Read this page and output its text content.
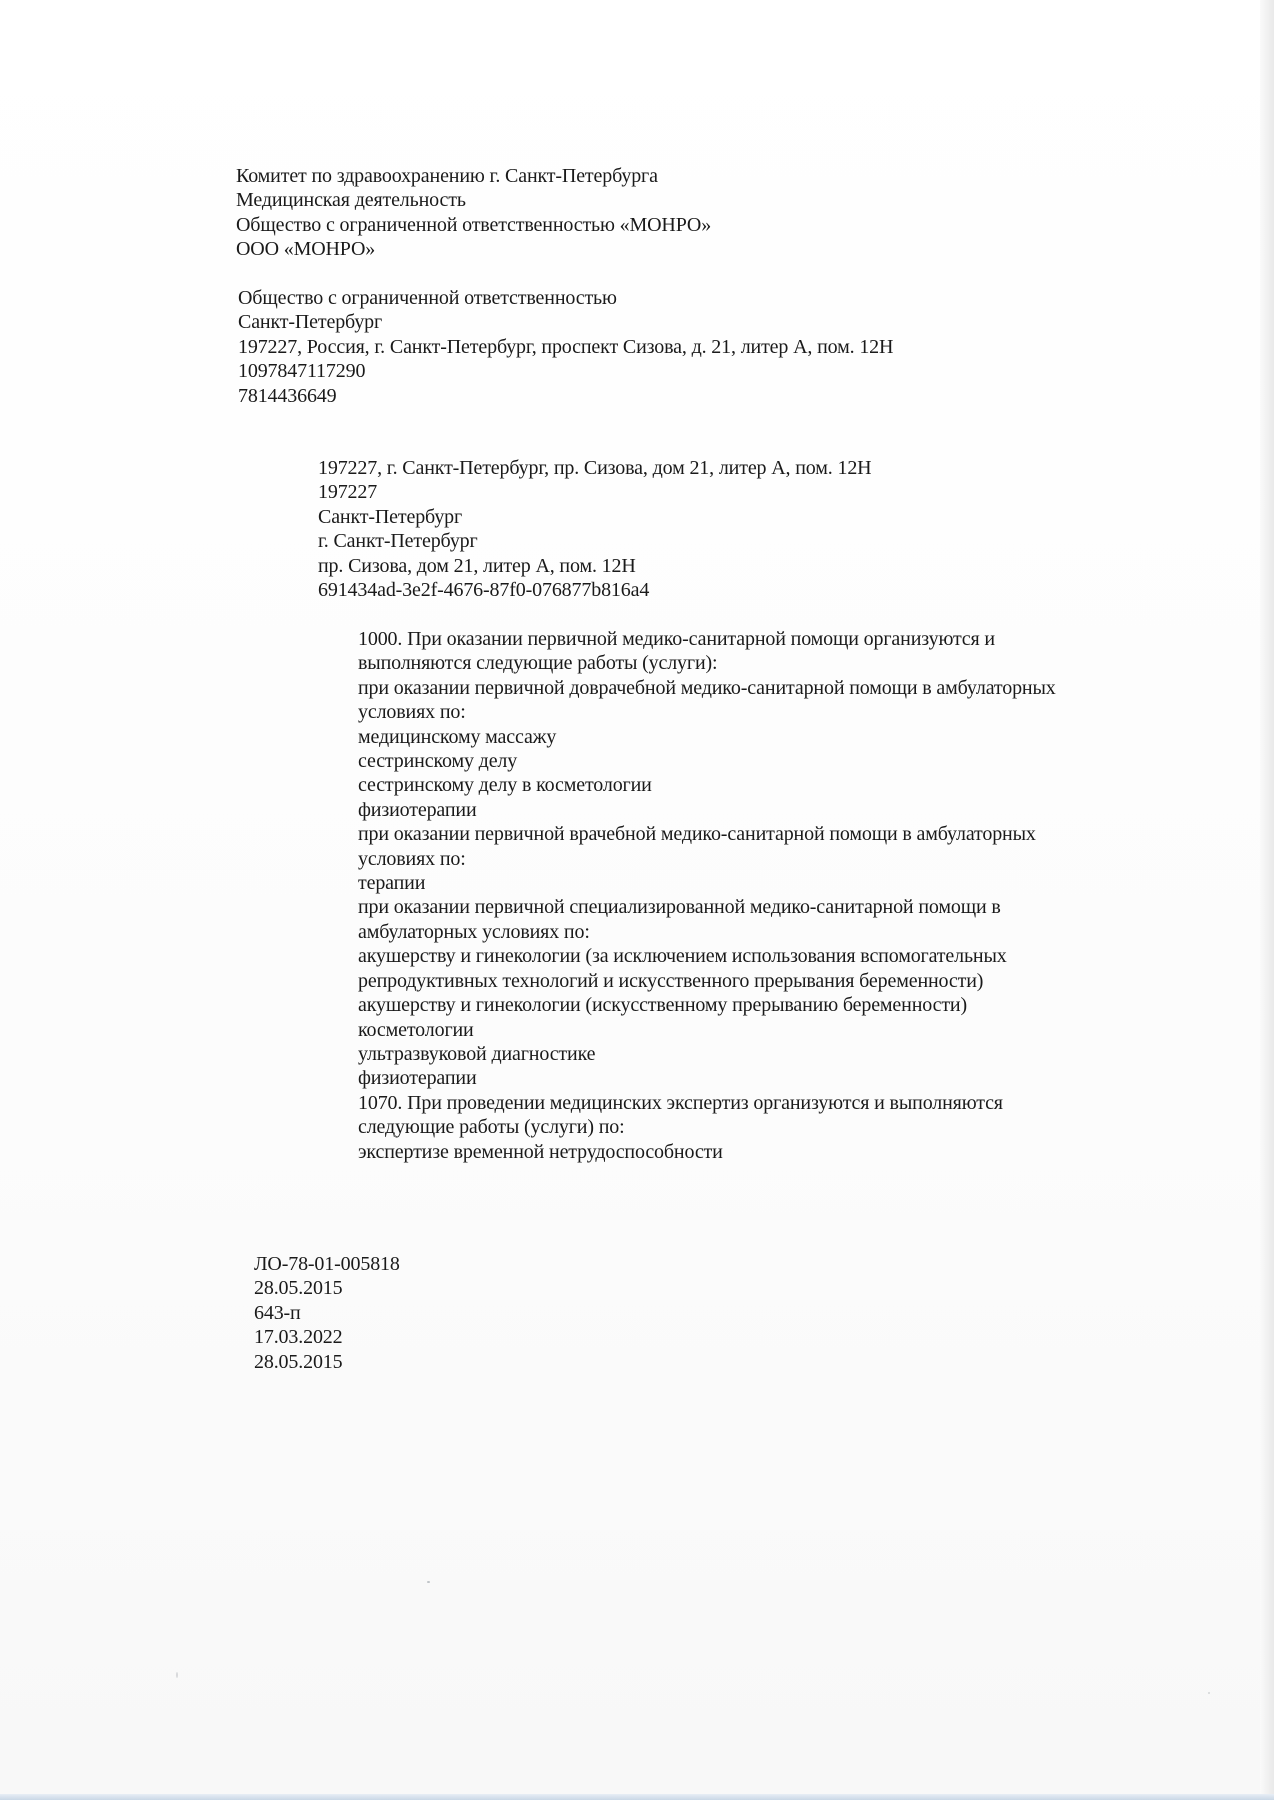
Комитет по здравоохранению г. Санкт-Петербурга
Медицинская деятельность
Общество с ограниченной ответственностью «МОНРО»
ООО «МОНРО»
Общество с ограниченной ответственностью
Санкт-Петербург
197227, Россия, г. Санкт-Петербург, проспект Сизова, д. 21, литер А, пом. 12Н
1097847117290
7814436649
197227, г. Санкт-Петербург, пр. Сизова, дом 21, литер А, пом. 12Н
197227
Санкт-Петербург
г. Санкт-Петербург
пр. Сизова, дом 21, литер А, пом. 12Н
691434ad-3e2f-4676-87f0-076877b816a4
1000. При оказании первичной медико-санитарной помощи организуются и
выполняются следующие работы (услуги):
при оказании первичной доврачебной медико-санитарной помощи в амбулаторных
условиях по:
медицинскому массажу
сестринскому делу
сестринскому делу в косметологии
физиотерапии
при оказании первичной врачебной медико-санитарной помощи в амбулаторных
условиях по:
терапии
при оказании первичной специализированной медико-санитарной помощи в
амбулаторных условиях по:
акушерству и гинекологии (за исключением использования вспомогательных
репродуктивных технологий и искусственного прерывания беременности)
акушерству и гинекологии (искусственному прерыванию беременности)
косметологии
ультразвуковой диагностике
физиотерапии
1070. При проведении медицинских экспертиз организуются и выполняются
следующие работы (услуги) по:
экспертизе временной нетрудоспособности
ЛО-78-01-005818
28.05.2015
643-п
17.03.2022
28.05.2015
